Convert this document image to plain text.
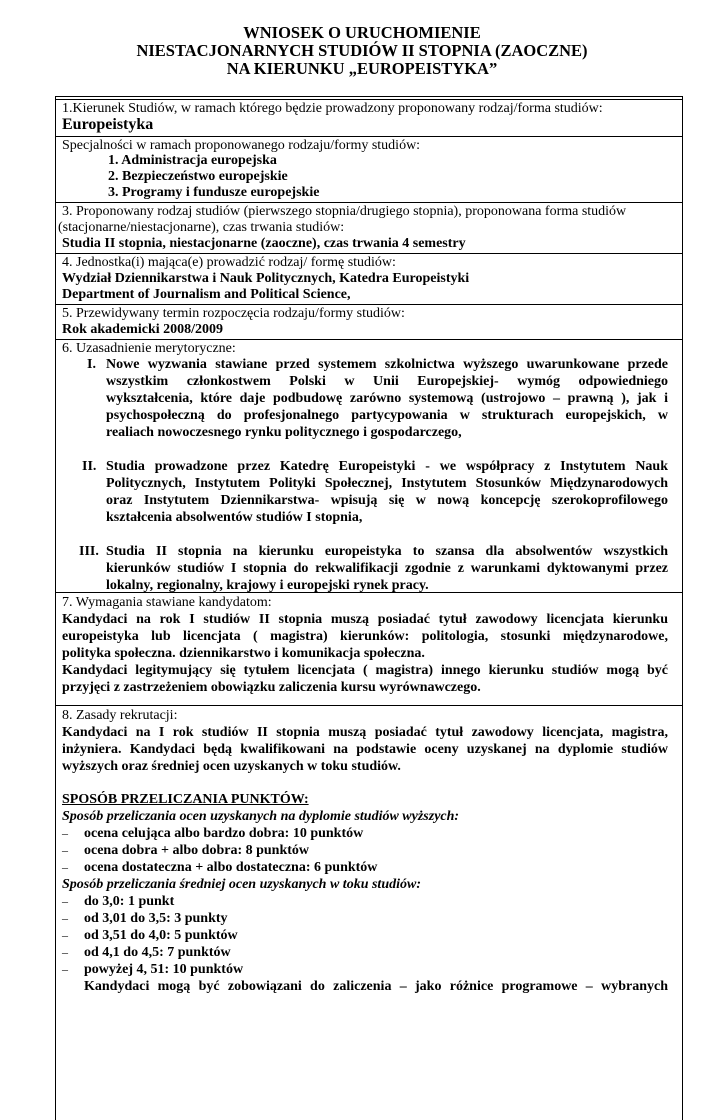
WNIOSEK O URUCHOMIENIE
NIESTACJONARNYCH STUDIÓW II STOPNIA (ZAOCZNE)
NA KIERUNKU „EUROPEISTYKA”
1.Kierunek Studiów, w ramach którego będzie prowadzony proponowany rodzaj/forma studiów:
Europeistyka
Specjalności w ramach proponowanego rodzaju/formy studiów:
1. Administracja europejska
2. Bezpieczeństwo europejskie
3. Programy i fundusze europejskie
3. Proponowany rodzaj studiów (pierwszego stopnia/drugiego stopnia), proponowana forma studiów
(stacjonarne/niestacjonarne), czas trwania studiów:
Studia II stopnia, niestacjonarne (zaoczne), czas trwania 4 semestry
4. Jednostka(i) mająca(e) prowadzić rodzaj/ formę studiów:
Wydział Dziennikarstwa i Nauk Politycznych, Katedra Europeistyki
Department of Journalism and Political Science,
5. Przewidywany termin rozpoczęcia rodzaju/formy studiów:
Rok akademicki 2008/2009
6. Uzasadnienie merytoryczne:
I. Nowe wyzwania stawiane przed systemem szkolnictwa wyższego uwarunkowane przede
wszystkim członkostwem Polski w Unii Europejskiej- wymóg odpowiedniego
wykształcenia, które daje podbudowę zarówno systemową (ustrojowo – prawną ), jak i
psychospołeczną do profesjonalnego partycypowania w strukturach europejskich, w
realiach nowoczesnego rynku politycznego i gospodarczego,
II. Studia prowadzone przez Katedrę Europeistyki - we współpracy z Instytutem Nauk
Politycznych, Instytutem Polityki Społecznej, Instytutem Stosunków Międzynarodowych
oraz Instytutem Dziennikarstwa- wpisują się w nową koncepcję szerokoprofilowego
kształcenia absolwentów studiów I stopnia,
III. Studia II stopnia na kierunku europeistyka to szansa dla absolwentów wszystkich
kierunków studiów I stopnia do rekwalifikacji zgodnie z warunkami dyktowanymi przez
lokalny, regionalny, krajowy i europejski rynek pracy.
7. Wymagania stawiane kandydatom:
Kandydaci na rok I studiów II stopnia muszą posiadać tytuł zawodowy licencjata kierunku
europeistyka lub licencjata ( magistra) kierunków: politologia, stosunki międzynarodowe,
polityka społeczna. dziennikarstwo i komunikacja społeczna.
Kandydaci legitymujący się tytułem licencjata ( magistra) innego kierunku studiów mogą być
przyjęci z zastrzeżeniem obowiązku zaliczenia kursu wyrównawczego.
8. Zasady rekrutacji:
Kandydaci na I rok studiów II stopnia muszą posiadać tytuł zawodowy licencjata, magistra,
inżyniera. Kandydaci będą kwalifikowani na podstawie oceny uzyskanej na dyplomie studiów
wyższych oraz średniej ocen uzyskanych w toku studiów.
SPOSÓB PRZELICZANIA PUNKTÓW:
Sposób przeliczania ocen uzyskanych na dyplomie studiów wyższych:
– ocena celująca albo bardzo dobra: 10 punktów
– ocena dobra + albo dobra: 8 punktów
– ocena dostateczna + albo dostateczna: 6 punktów
Sposób przeliczania średniej ocen uzyskanych w toku studiów:
– do 3,0: 1 punkt
– od 3,01 do 3,5: 3 punkty
– od 3,51 do 4,0: 5 punktów
– od 4,1 do 4,5: 7 punktów
– powyżej 4, 51: 10 punktów
Kandydaci mogą być zobowiązani do zaliczenia – jako różnice programowe – wybranych
